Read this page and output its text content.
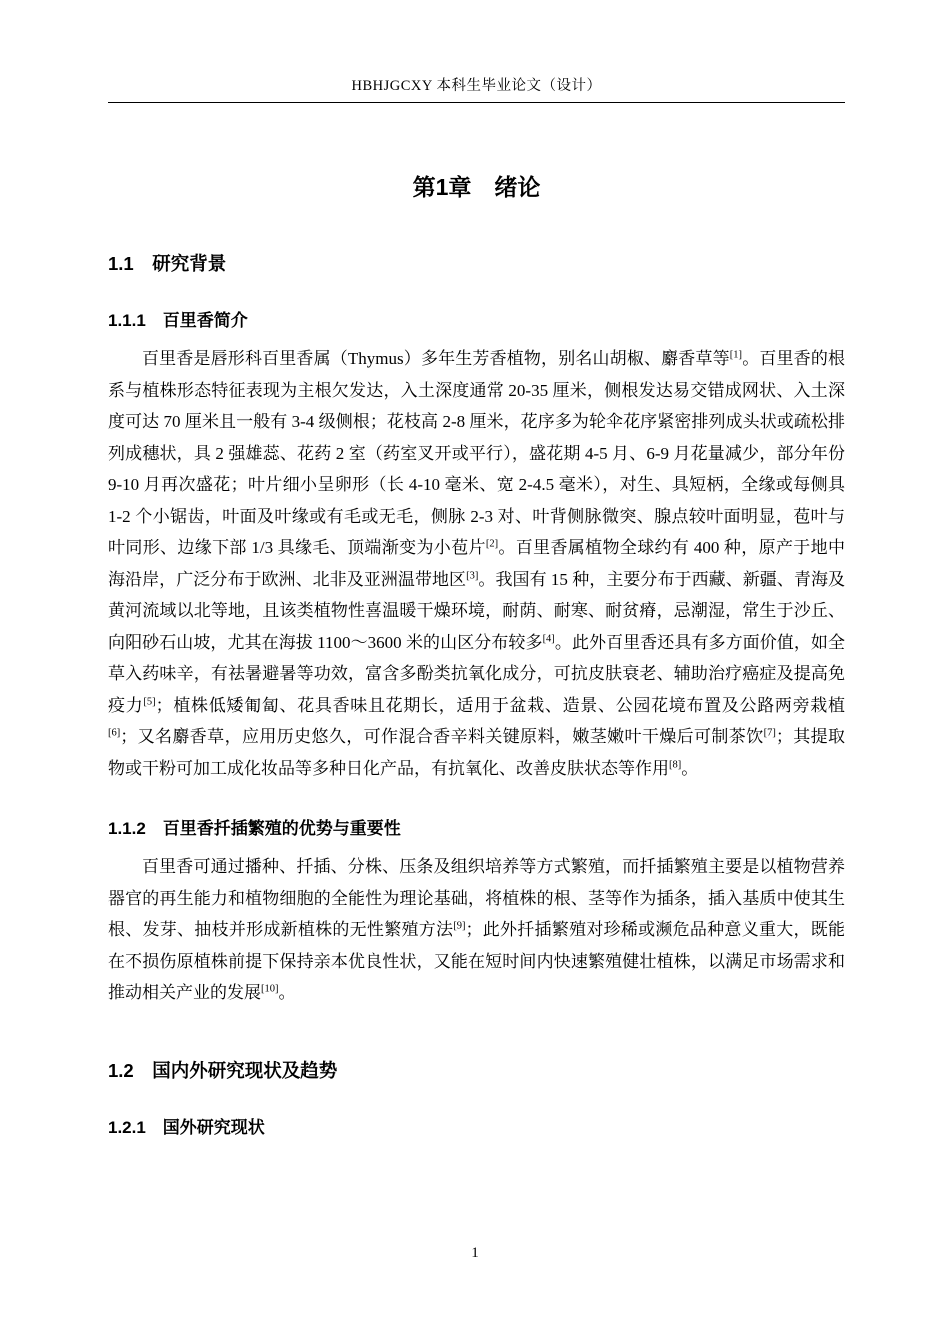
HBHJGCXY 本科生毕业论文（设计）
第1章　绪论
1.1　研究背景
1.1.1　百里香简介

百里香是唇形科百里香属（Thymus）多年生芳香植物，别名山胡椒、麝香草等[1]。百里香的根系与植株形态特征表现为主根欠发达，入土深度通常 20-35 厘米，侧根发达易交错成网状、入土深度可达 70 厘米且一般有 3-4 级侧根；花枝高 2-8 厘米，花序多为轮伞花序紧密排列成头状或疏松排列成穗状，具 2 强雄蕊、花药 2 室（药室叉开或平行），盛花期 4-5 月、6-9 月花量减少，部分年份 9-10 月再次盛花；叶片细小呈卵形（长 4-10 毫米、宽 2-4.5 毫米），对生、具短柄，全缘或每侧具 1-2 个小锯齿，叶面及叶缘或有毛或无毛，侧脉 2-3 对、叶背侧脉微突、腺点较叶面明显，苞叶与叶同形、边缘下部 1/3 具缘毛、顶端渐变为小苞片[2]。百里香属植物全球约有 400 种，原产于地中海沿岸，广泛分布于欧洲、北非及亚洲温带地区[3]。我国有 15 种，主要分布于西藏、新疆、青海及黄河流域以北等地，且该类植物性喜温暖干燥环境，耐荫、耐寒、耐贫瘠，忌潮湿，常生于沙丘、向阳砂石山坡，尤其在海拔 1100～3600 米的山区分布较多[4]。此外百里香还具有多方面价值，如全草入药味辛，有祛暑避暑等功效，富含多酚类抗氧化成分，可抗皮肤衰老、辅助治疗癌症及提高免疫力[5]；植株低矮匍匐、花具香味且花期长，适用于盆栽、造景、公园花境布置及公路两旁栽植[6]；又名麝香草，应用历史悠久，可作混合香辛料关键原料，嫩茎嫩叶干燥后可制茶饮[7]；其提取物或干粉可加工成化妆品等多种日化产品，有抗氧化、改善皮肤状态等作用[8]。

1.1.2　百里香扦插繁殖的优势与重要性

百里香可通过播种、扦插、分株、压条及组织培养等方式繁殖，而扦插繁殖主要是以植物营养器官的再生能力和植物细胞的全能性为理论基础，将植株的根、茎等作为插条，插入基质中使其生根、发芽、抽枝并形成新植株的无性繁殖方法[9]；此外扦插繁殖对珍稀或濒危品种意义重大，既能在不损伤原植株前提下保持亲本优良性状，又能在短时间内快速繁殖健壮植株，以满足市场需求和推动相关产业的发展[10]。

1.2　国内外研究现状及趋势
1.2.1　国外研究现状
1
